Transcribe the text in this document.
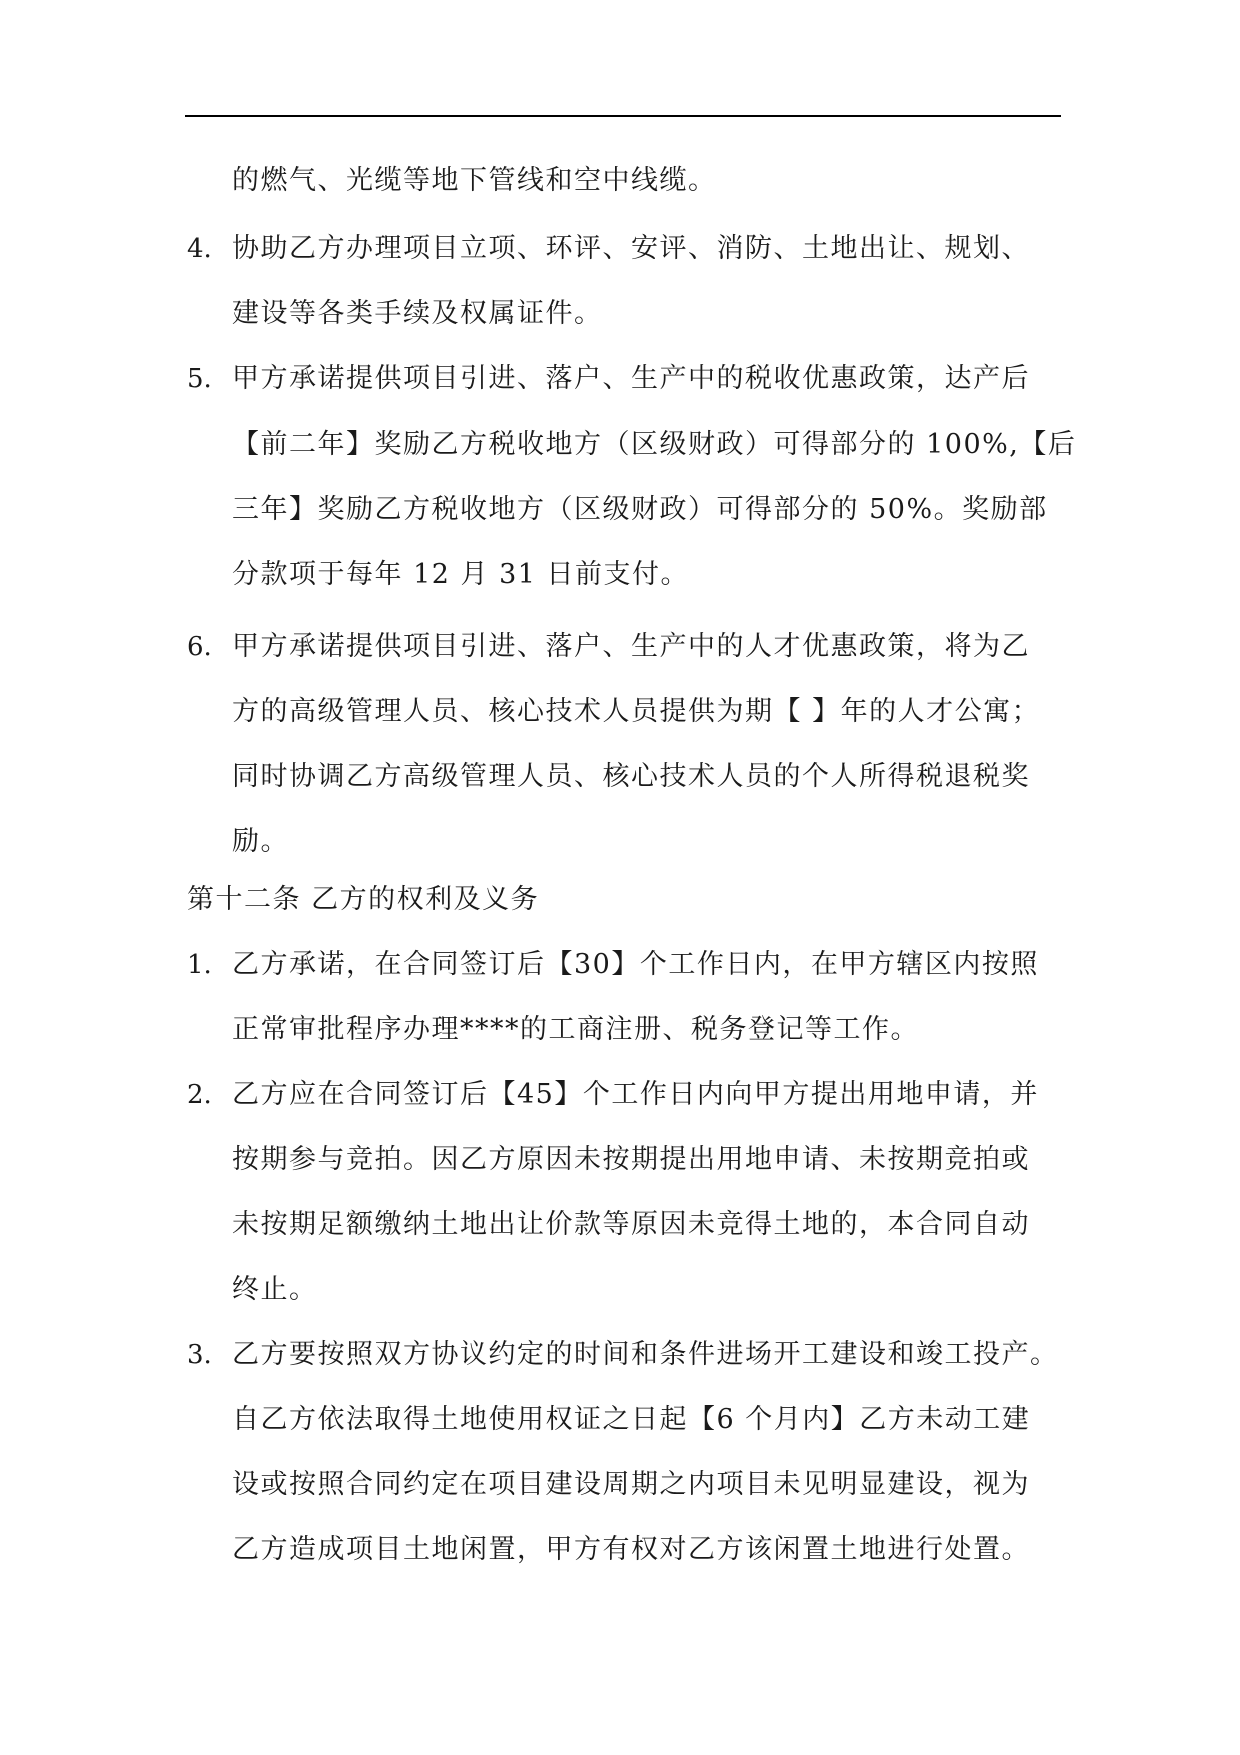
的燃气、光缆等地下管线和空中线缆。
4. 协助乙方办理项目立项、环评、安评、消防、土地出让、规划、
建设等各类手续及权属证件。
5. 甲方承诺提供项目引进、落户、生产中的税收优惠政策，达产后
【前二年】奖励乙方税收地方（区级财政）可得部分的 100%,【后
三年】奖励乙方税收地方（区级财政）可得部分的 50%。奖励部
分款项于每年 12 月 31 日前支付。
6. 甲方承诺提供项目引进、落户、生产中的人才优惠政策，将为乙
方的高级管理人员、核心技术人员提供为期【 】年的人才公寓；
同时协调乙方高级管理人员、核心技术人员的个人所得税退税奖
励。
第十二条 乙方的权利及义务
1. 乙方承诺，在合同签订后【30】个工作日内，在甲方辖区内按照
正常审批程序办理****的工商注册、税务登记等工作。
2. 乙方应在合同签订后【45】个工作日内向甲方提出用地申请，并
按期参与竞拍。因乙方原因未按期提出用地申请、未按期竞拍或
未按期足额缴纳土地出让价款等原因未竞得土地的，本合同自动
终止。
3. 乙方要按照双方协议约定的时间和条件进场开工建设和竣工投产。
自乙方依法取得土地使用权证之日起【6 个月内】乙方未动工建
设或按照合同约定在项目建设周期之内项目未见明显建设，视为
乙方造成项目土地闲置，甲方有权对乙方该闲置土地进行处置。
